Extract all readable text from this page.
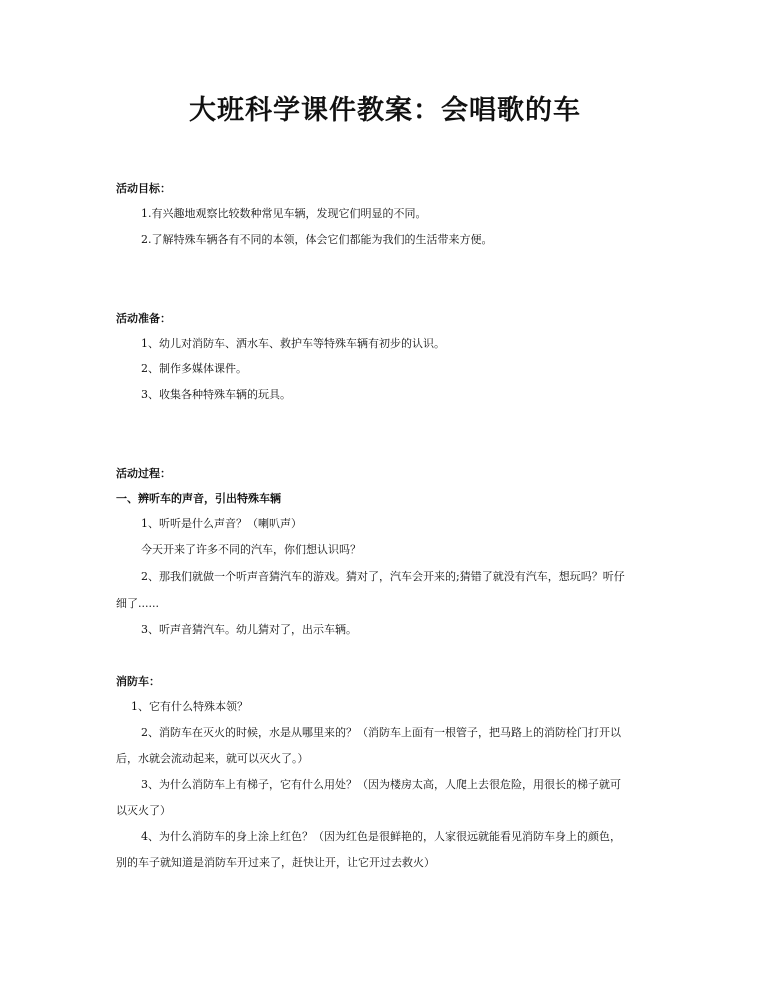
大班科学课件教案：会唱歌的车
活动目标：
1.有兴趣地观察比较数种常见车辆，发现它们明显的不同。
2.了解特殊车辆各有不同的本领，体会它们都能为我们的生活带来方便。
活动准备：
1、幼儿对消防车、洒水车、救护车等特殊车辆有初步的认识。
2、制作多媒体课件。
3、收集各种特殊车辆的玩具。
活动过程：
一、辨听车的声音，引出特殊车辆
1、听听是什么声音？（喇叭声）
今天开来了许多不同的汽车，你们想认识吗？
2、那我们就做一个听声音猜汽车的游戏。猜对了，汽车会开来的;猜错了就没有汽车，想玩吗？听仔
细了......
3、听声音猜汽车。幼儿猜对了，出示车辆。
消防车：
1、它有什么特殊本领？
2、消防车在灭火的时候，水是从哪里来的？（消防车上面有一根管子，把马路上的消防栓门打开以
后，水就会流动起来，就可以灭火了。）
3、为什么消防车上有梯子，它有什么用处？（因为楼房太高，人爬上去很危险，用很长的梯子就可
以灭火了）
4、为什么消防车的身上涂上红色？（因为红色是很鲜艳的，人家很远就能看见消防车身上的颜色，
别的车子就知道是消防车开过来了，赶快让开，让它开过去救火）
